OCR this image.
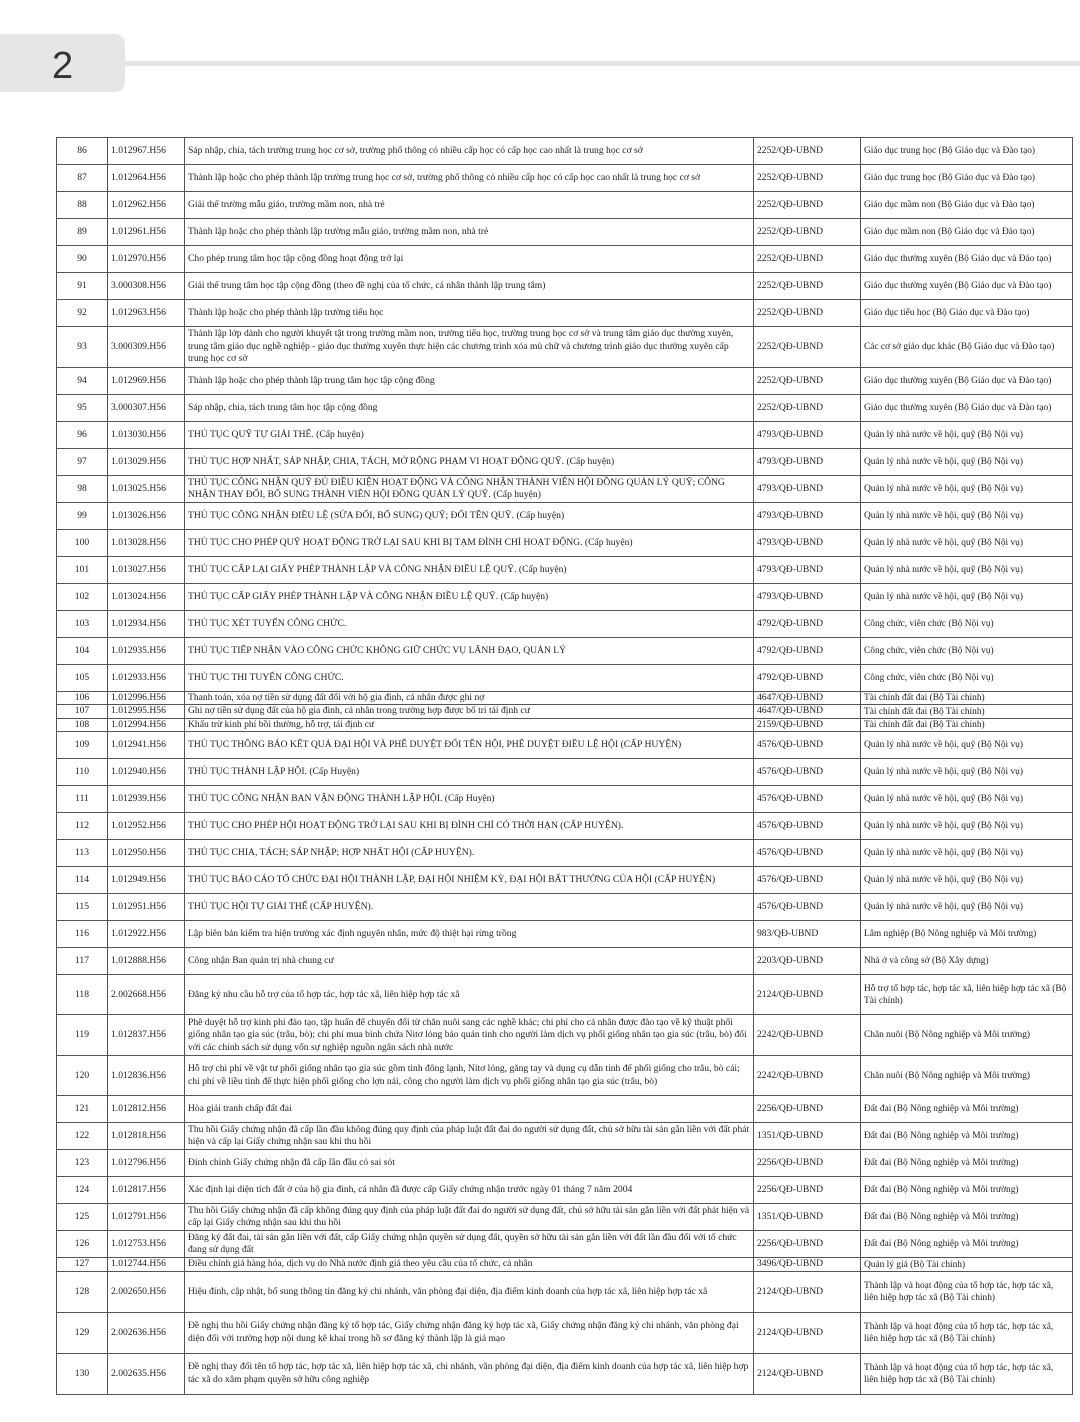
2
86	1.012967.H56	Sáp nhập, chia, tách trường trung học cơ sở, trường phổ thông có nhiều cấp học có cấp học cao nhất là trung học cơ sở	2252/QĐ-UBND	Giáo dục trung học (Bộ Giáo dục và Đào tạo)
87	1.012964.H56	Thành lập hoặc cho phép thành lập trường trung học cơ sở, trường phổ thông có nhiều cấp học có cấp học cao nhất là trung học cơ sở	2252/QĐ-UBND	Giáo dục trung học (Bộ Giáo dục và Đào tạo)
88	1.012962.H56	Giải thể trường mẫu giáo, trường mầm non, nhà trẻ	2252/QĐ-UBND	Giáo dục mầm non (Bộ Giáo dục và Đào tạo)
89	1.012961.H56	Thành lập hoặc cho phép thành lập trường mẫu giáo, trường mầm non, nhà trẻ	2252/QĐ-UBND	Giáo dục mầm non (Bộ Giáo dục và Đào tạo)
90	1.012970.H56	Cho phép trung tâm học tập cộng đồng hoạt động trở lại	2252/QĐ-UBND	Giáo dục thường xuyên (Bộ Giáo dục và Đào tạo)
91	3.000308.H56	Giải thể trung tâm học tập cộng đồng (theo đề nghị của tổ chức, cá nhân thành lập trung tâm)	2252/QĐ-UBND	Giáo dục thường xuyên (Bộ Giáo dục và Đào tạo)
92	1.012963.H56	Thành lập hoặc cho phép thành lập trường tiểu học	2252/QĐ-UBND	Giáo dục tiểu học (Bộ Giáo dục và Đào tạo)
93	3.000309.H56	Thành lập lớp dành cho người khuyết tật trong trường mầm non, trường tiểu học, trường trung học cơ sở và trung tâm giáo dục thường xuyên, trung tâm giáo dục nghề nghiệp - giáo dục thường xuyên thực hiện các chương trình xóa mù chữ và chương trình giáo dục thường xuyên cấp trung học cơ sở	2252/QĐ-UBND	Các cơ sở giáo dục khác (Bộ Giáo dục và Đào tạo)
94	1.012969.H56	Thành lập hoặc cho phép thành lập trung tâm học tập cộng đồng	2252/QĐ-UBND	Giáo dục thường xuyên (Bộ Giáo dục và Đào tạo)
95	3.000307.H56	Sáp nhập, chia, tách trung tâm học tập cộng đồng	2252/QĐ-UBND	Giáo dục thường xuyên (Bộ Giáo dục và Đào tạo)
96	1.013030.H56	THỦ TỤC QUỸ TỰ GIẢI THỂ. (Cấp huyện)	4793/QĐ-UBND	Quản lý nhà nước về hội, quỹ (Bộ Nội vụ)
97	1.013029.H56	THỦ TỤC HỢP NHẤT, SÁP NHẬP, CHIA, TÁCH, MỞ RỘNG PHẠM VI HOẠT ĐỘNG QUỸ. (Cấp huyện)	4793/QĐ-UBND	Quản lý nhà nước về hội, quỹ (Bộ Nội vụ)
98	1.013025.H56	THỦ TỤC CÔNG NHẬN QUỸ ĐỦ ĐIỀU KIỆN HOẠT ĐỘNG VÀ CÔNG NHẬN THÀNH VIÊN HỘI ĐỒNG QUẢN LÝ QUỸ; CÔNG NHẬN THAY ĐỔI, BỔ SUNG THÀNH VIÊN HỘI ĐỒNG QUẢN LÝ QUỸ. (Cấp huyện)	4793/QĐ-UBND	Quản lý nhà nước về hội, quỹ (Bộ Nội vụ)
99	1.013026.H56	THỦ TỤC CÔNG NHẬN ĐIỀU LỆ (SỬA ĐỔI, BỔ SUNG) QUỸ; ĐỔI TÊN QUỸ. (Cấp huyện)	4793/QĐ-UBND	Quản lý nhà nước về hội, quỹ (Bộ Nội vụ)
100	1.013028.H56	THỦ TỤC CHO PHÉP QUỸ HOẠT ĐỘNG TRỞ LẠI SAU KHI BỊ TẠM ĐÌNH CHỈ HOẠT ĐỘNG. (Cấp huyện)	4793/QĐ-UBND	Quản lý nhà nước về hội, quỹ (Bộ Nội vụ)
101	1.013027.H56	THỦ TỤC CẤP LẠI GIẤY PHÉP THÀNH LẬP VÀ CÔNG NHẬN ĐIỀU LỆ QUỸ. (Cấp huyện)	4793/QĐ-UBND	Quản lý nhà nước về hội, quỹ (Bộ Nội vụ)
102	1.013024.H56	THỦ TỤC CẤP GIẤY PHÉP THÀNH LẬP VÀ CÔNG NHẬN ĐIỀU LỆ QUỸ. (Cấp huyện)	4793/QĐ-UBND	Quản lý nhà nước về hội, quỹ (Bộ Nội vụ)
103	1.012934.H56	THỦ TỤC XÉT TUYỂN CÔNG CHỨC.	4792/QĐ-UBND	Công chức, viên chức (Bộ Nội vụ)
104	1.012935.H56	THỦ TỤC TIẾP NHẬN VÀO CÔNG CHỨC KHÔNG GIỮ CHỨC VỤ LÃNH ĐẠO, QUẢN LÝ	4792/QĐ-UBND	Công chức, viên chức (Bộ Nội vụ)
105	1.012933.H56	THỦ TỤC THI TUYỂN CÔNG CHỨC.	4792/QĐ-UBND	Công chức, viên chức (Bộ Nội vụ)
106	1.012996.H56	Thanh toán, xóa nợ tiền sử dụng đất đối với hộ gia đình, cá nhân được ghi nợ	4647/QĐ-UBND	Tài chính đất đai (Bộ Tài chính)
107	1.012995.H56	Ghi nợ tiền sử dụng đất của hộ gia đình, cá nhân trong trường hợp được bố trí tái định cư	4647/QĐ-UBND	Tài chính đất đai (Bộ Tài chính)
108	1.012994.H56	Khấu trừ kinh phí bồi thường, hỗ trợ, tái định cư	2159/QĐ-UBND	Tài chính đất đai (Bộ Tài chính)
109	1.012941.H56	THỦ TỤC THÔNG BÁO KẾT QUẢ ĐẠI HỘI VÀ PHÊ DUYỆT ĐỔI TÊN HỘI, PHÊ DUYỆT ĐIỀU LỆ HỘI (CẤP HUYỆN)	4576/QĐ-UBND	Quản lý nhà nước về hội, quỹ (Bộ Nội vụ)
110	1.012940.H56	THỦ TỤC THÀNH LẬP HỘI. (Cấp Huyện)	4576/QĐ-UBND	Quản lý nhà nước về hội, quỹ (Bộ Nội vụ)
111	1.012939.H56	THỦ TỤC CÔNG NHẬN BAN VẬN ĐỘNG THÀNH LẬP HỘI. (Cấp Huyện)	4576/QĐ-UBND	Quản lý nhà nước về hội, quỹ (Bộ Nội vụ)
112	1.012952.H56	THỦ TỤC CHO PHÉP HỘI HOẠT ĐỘNG TRỞ LẠI SAU KHI BỊ ĐÌNH CHỈ CÓ THỜI HẠN (CẤP HUYỆN).	4576/QĐ-UBND	Quản lý nhà nước về hội, quỹ (Bộ Nội vụ)
113	1.012950.H56	THỦ TỤC CHIA, TÁCH; SÁP NHẬP; HỢP NHẤT HỘI (CẤP HUYỆN).	4576/QĐ-UBND	Quản lý nhà nước về hội, quỹ (Bộ Nội vụ)
114	1.012949.H56	THỦ TỤC BÁO CÁO TỔ CHỨC ĐẠI HỘI THÀNH LẬP, ĐẠI HỘI NHIỆM KỲ, ĐẠI HỘI BẤT THƯỜNG CỦA HỘI (CẤP HUYỆN)	4576/QĐ-UBND	Quản lý nhà nước về hội, quỹ (Bộ Nội vụ)
115	1.012951.H56	THỦ TỤC HỘI TỰ GIẢI THỂ (CẤP HUYỆN).	4576/QĐ-UBND	Quản lý nhà nước về hội, quỹ (Bộ Nội vụ)
116	1.012922.H56	Lập biên bản kiểm tra hiện trường xác định nguyên nhân, mức độ thiệt hại rừng trồng	983/QĐ-UBND	Lâm nghiệp (Bộ Nông nghiệp và Môi trường)
117	1.012888.H56	Công nhận Ban quản trị nhà chung cư	2203/QĐ-UBND	Nhà ở và công sở (Bộ Xây dựng)
118	2.002668.H56	Đăng ký nhu cầu hỗ trợ của tổ hợp tác, hợp tác xã, liên hiệp hợp tác xã	2124/QĐ-UBND	Hỗ trợ tổ hợp tác, hợp tác xã, liên hiệp hợp tác xã (Bộ Tài chính)
119	1.012837.H56	Phê duyệt hỗ trợ kinh phí đào tạo, tập huấn để chuyển đổi từ chăn nuôi sang các nghề khác; chi phí cho cá nhân được đào tạo về kỹ thuật phối giống nhân tạo gia súc (trâu, bò); chi phí mua bình chứa Nitơ lỏng bảo quản tinh cho người làm dịch vụ phối giống nhân tạo gia súc (trâu, bò) đối với các chính sách sử dụng vốn sự nghiệp nguồn ngân sách nhà nước	2242/QĐ-UBND	Chăn nuôi (Bộ Nông nghiệp và Môi trường)
120	1.012836.H56	Hỗ trợ chi phí về vật tư phối giống nhân tạo gia súc gồm tinh đông lạnh, Nitơ lỏng, găng tay và dụng cụ dẫn tinh để phối giống cho trâu, bò cái; chi phí về liều tinh để thực hiện phối giống cho lợn nái, công cho người làm dịch vụ phối giống nhân tạo gia súc (trâu, bò)	2242/QĐ-UBND	Chăn nuôi (Bộ Nông nghiệp và Môi trường)
121	1.012812.H56	Hòa giải tranh chấp đất đai	2256/QĐ-UBND	Đất đai (Bộ Nông nghiệp và Môi trường)
122	1.012818.H56	Thu hồi Giấy chứng nhận đã cấp lần đầu không đúng quy định của pháp luật đất đai do người sử dụng đất, chủ sở hữu tài sản gắn liền với đất phát hiện và cấp lại Giấy chứng nhận sau khi thu hồi	1351/QĐ-UBND	Đất đai (Bộ Nông nghiệp và Môi trường)
123	1.012796.H56	Đính chính Giấy chứng nhận đã cấp lần đầu có sai sót	2256/QĐ-UBND	Đất đai (Bộ Nông nghiệp và Môi trường)
124	1.012817.H56	Xác định lại diện tích đất ở của hộ gia đình, cá nhân đã được cấp Giấy chứng nhận trước ngày 01 tháng 7 năm 2004	2256/QĐ-UBND	Đất đai (Bộ Nông nghiệp và Môi trường)
125	1.012791.H56	Thu hồi Giấy chứng nhận đã cấp không đúng quy định của pháp luật đất đai do người sử dụng đất, chủ sở hữu tài sản gắn liền với đất phát hiện và cấp lại Giấy chứng nhận sau khi thu hồi	1351/QĐ-UBND	Đất đai (Bộ Nông nghiệp và Môi trường)
126	1.012753.H56	Đăng ký đất đai, tài sản gắn liền với đất, cấp Giấy chứng nhận quyền sử dụng đất, quyền sở hữu tài sản gắn liền với đất lần đầu đối với tổ chức đang sử dụng đất	2256/QĐ-UBND	Đất đai (Bộ Nông nghiệp và Môi trường)
127	1.012744.H56	Điều chỉnh giá hàng hóa, dịch vụ do Nhà nước định giá theo yêu cầu của tổ chức, cá nhân	3496/QĐ-UBND	Quản lý giá (Bộ Tài chính)
128	2.002650.H56	Hiệu đính, cập nhật, bổ sung thông tin đăng ký chi nhánh, văn phòng đại diện, địa điểm kinh doanh của hợp tác xã, liên hiệp hợp tác xã	2124/QĐ-UBND	Thành lập và hoạt động của tổ hợp tác, hợp tác xã, liên hiệp hợp tác xã (Bộ Tài chính)
129	2.002636.H56	Đề nghị thu hồi Giấy chứng nhận đăng ký tổ hợp tác, Giấy chứng nhận đăng ký hợp tác xã, Giấy chứng nhận đăng ký chi nhánh, văn phòng đại diện đối với trường hợp nội dung kê khai trong hồ sơ đăng ký thành lập là giả mạo	2124/QĐ-UBND	Thành lập và hoạt động của tổ hợp tác, hợp tác xã, liên hiệp hợp tác xã (Bộ Tài chính)
130	2.002635.H56	Đề nghị thay đổi tên tổ hợp tác, hợp tác xã, liên hiệp hợp tác xã, chi nhánh, văn phòng đại diện, địa điểm kinh doanh của hợp tác xã, liên hiệp hợp tác xã do xâm phạm quyền sở hữu công nghiệp	2124/QĐ-UBND	Thành lập và hoạt động của tổ hợp tác, hợp tác xã, liên hiệp hợp tác xã (Bộ Tài chính)
